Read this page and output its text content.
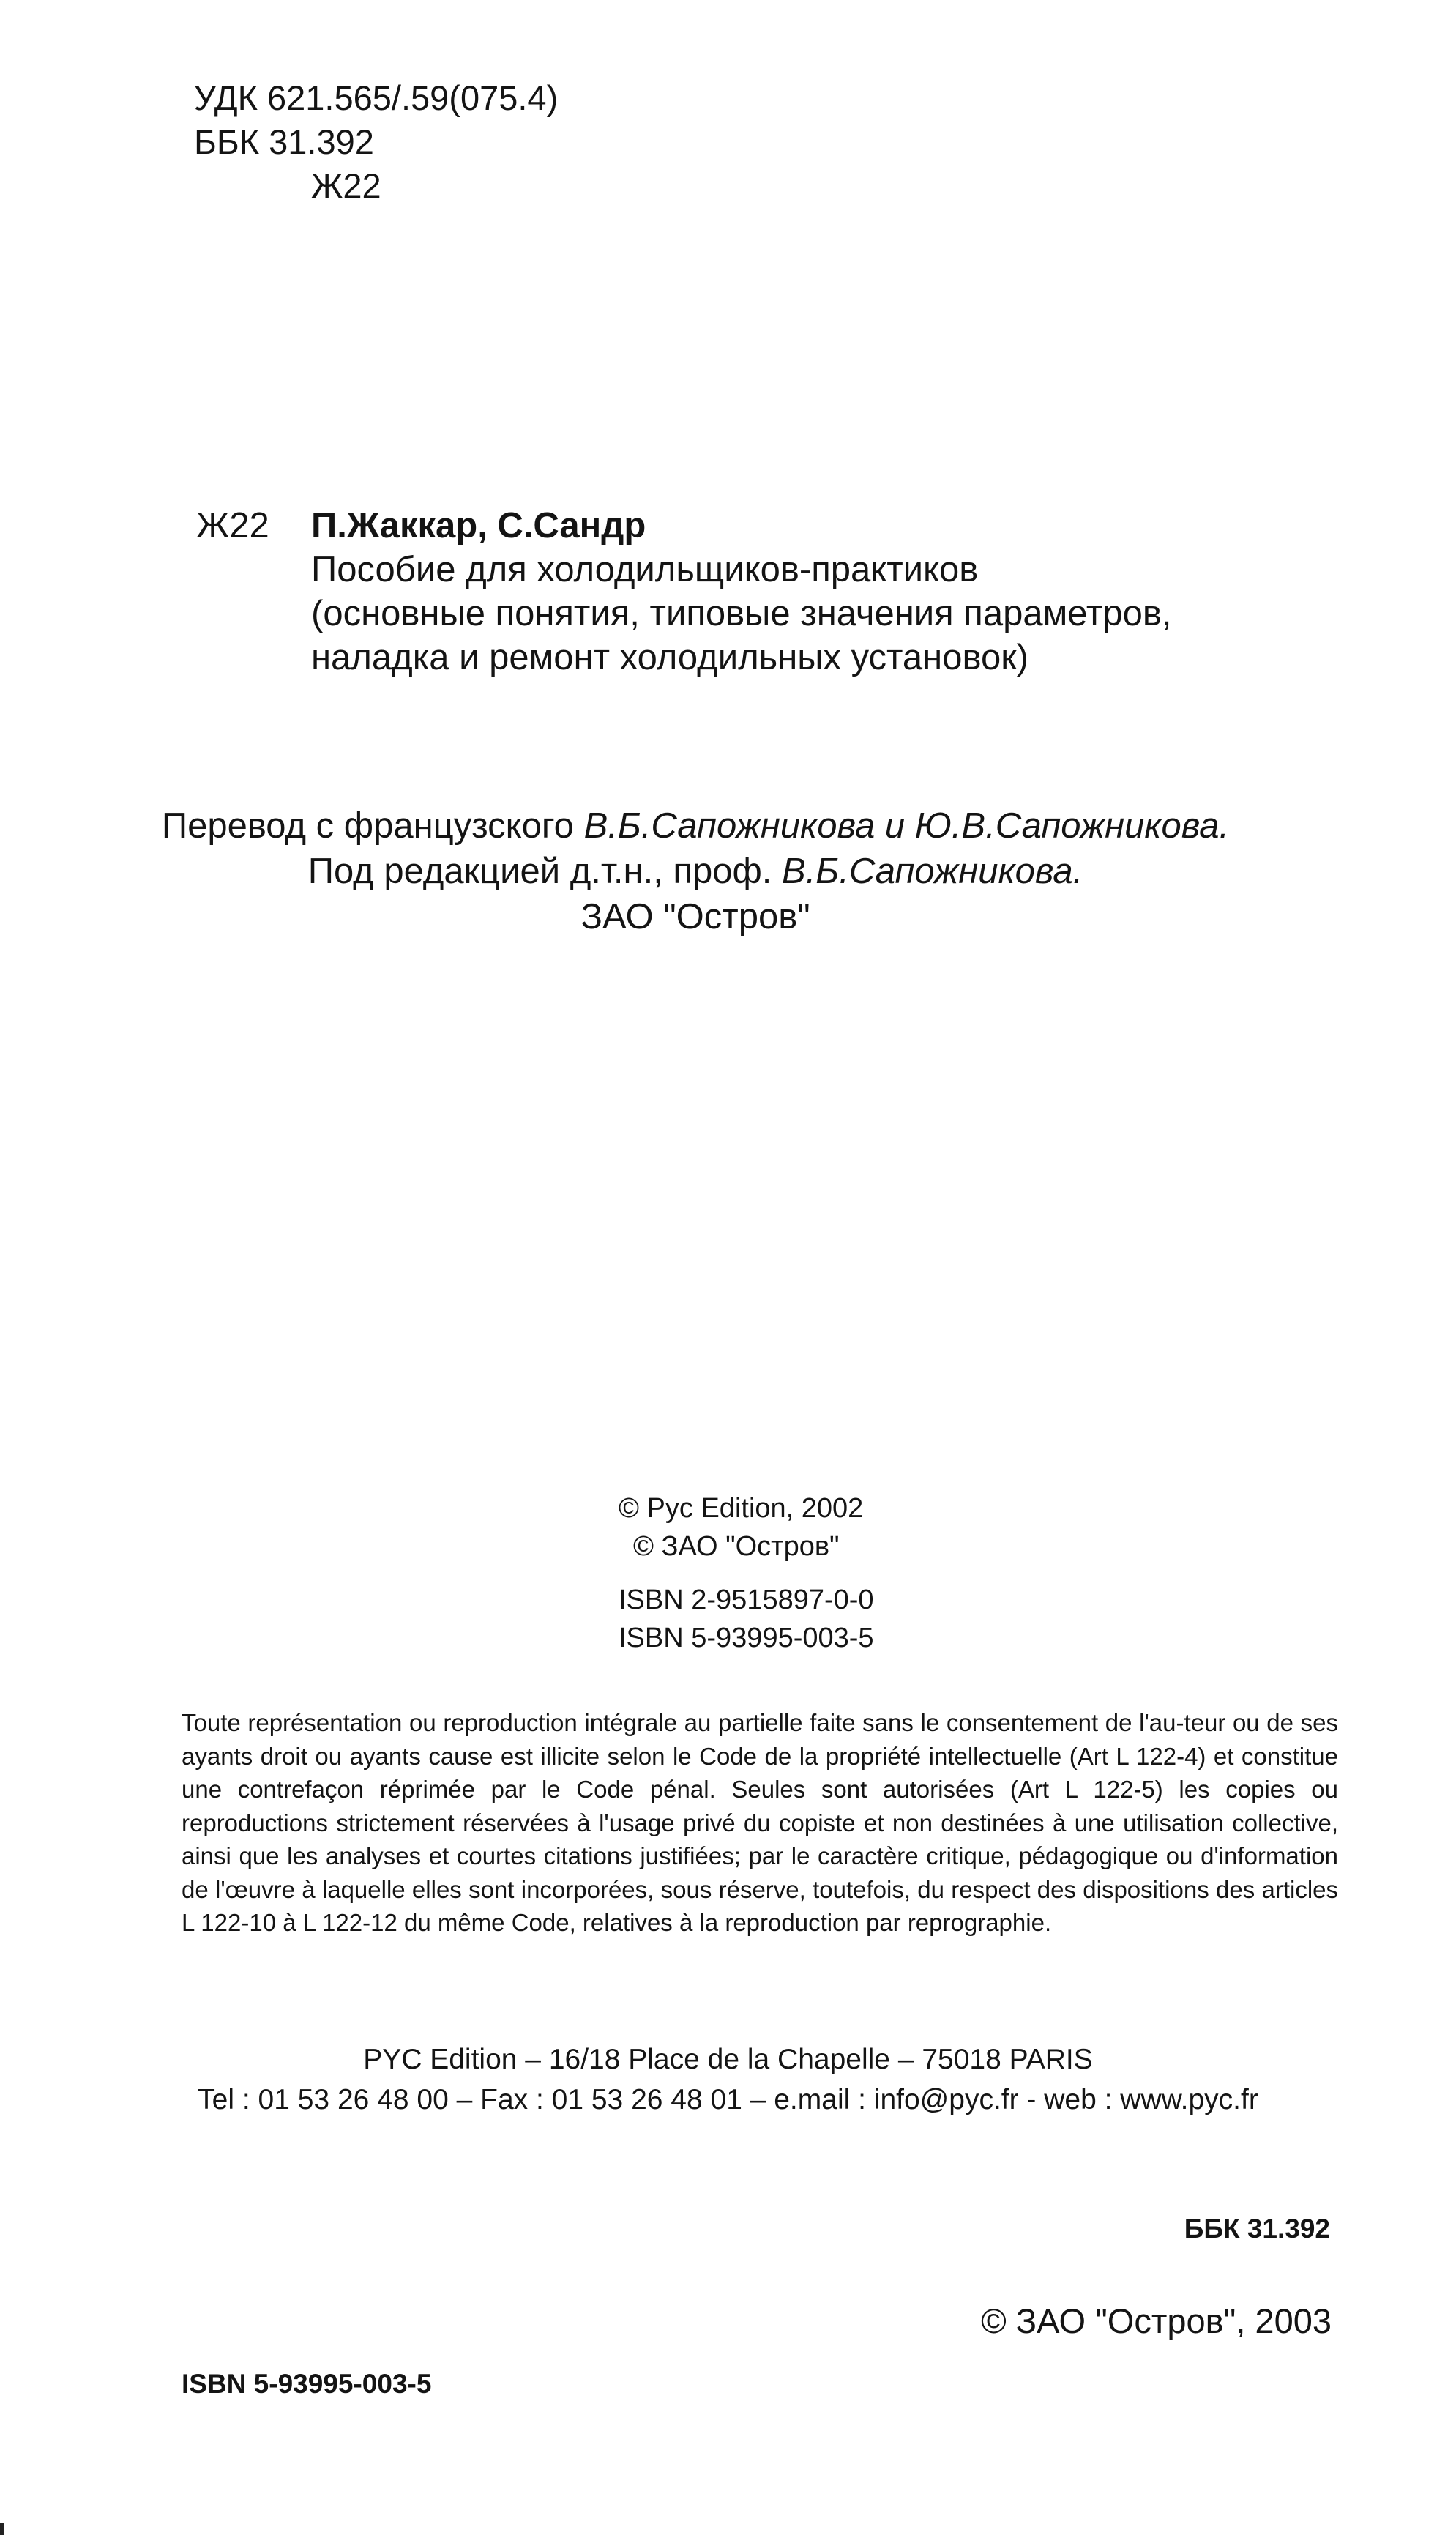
УДК 621.565/.59(075.4)
ББК 31.392
Ж22
Ж22 П.Жаккар, С.Сандр
Пособие для холодильщиков-практиков
(основные понятия, типовые значения параметров,
наладка и ремонт холодильных установок)
Перевод с французского В.Б.Сапожникова и Ю.В.Сапожникова.
Под редакцией д.т.н., проф. В.Б.Сапожникова.
ЗАО "Остров"
© Pyc Edition, 2002
© ЗАО "Остров"
ISBN 2-9515897-0-0
ISBN 5-93995-003-5
Toute représentation ou reproduction intégrale au partielle faite sans le consentement de l'au-teur ou de ses ayants droit ou ayants cause est illicite selon le Code de la propriété intellectuelle (Art L 122-4) et constitue une contrefaçon réprimée par le Code pénal. Seules sont autorisées (Art L 122-5) les copies ou reproductions strictement réservées à l'usage privé du copiste et non destinées à une utilisation collective, ainsi que les analyses et courtes citations justifiées; par le caractère critique, pédagogique ou d'information de l'œuvre à laquelle elles sont incorporées, sous réserve, toutefois, du respect des dispositions des articles L 122-10 à L 122-12 du même Code, relatives à la reproduction par reprographie.
PYC Edition – 16/18 Place de la Chapelle – 75018 PARIS
Tel : 01 53 26 48 00 – Fax : 01 53 26 48 01 – e.mail : info@pyc.fr - web : www.pyc.fr
ББК 31.392
© ЗАО "Остров", 2003
ISBN 5-93995-003-5
